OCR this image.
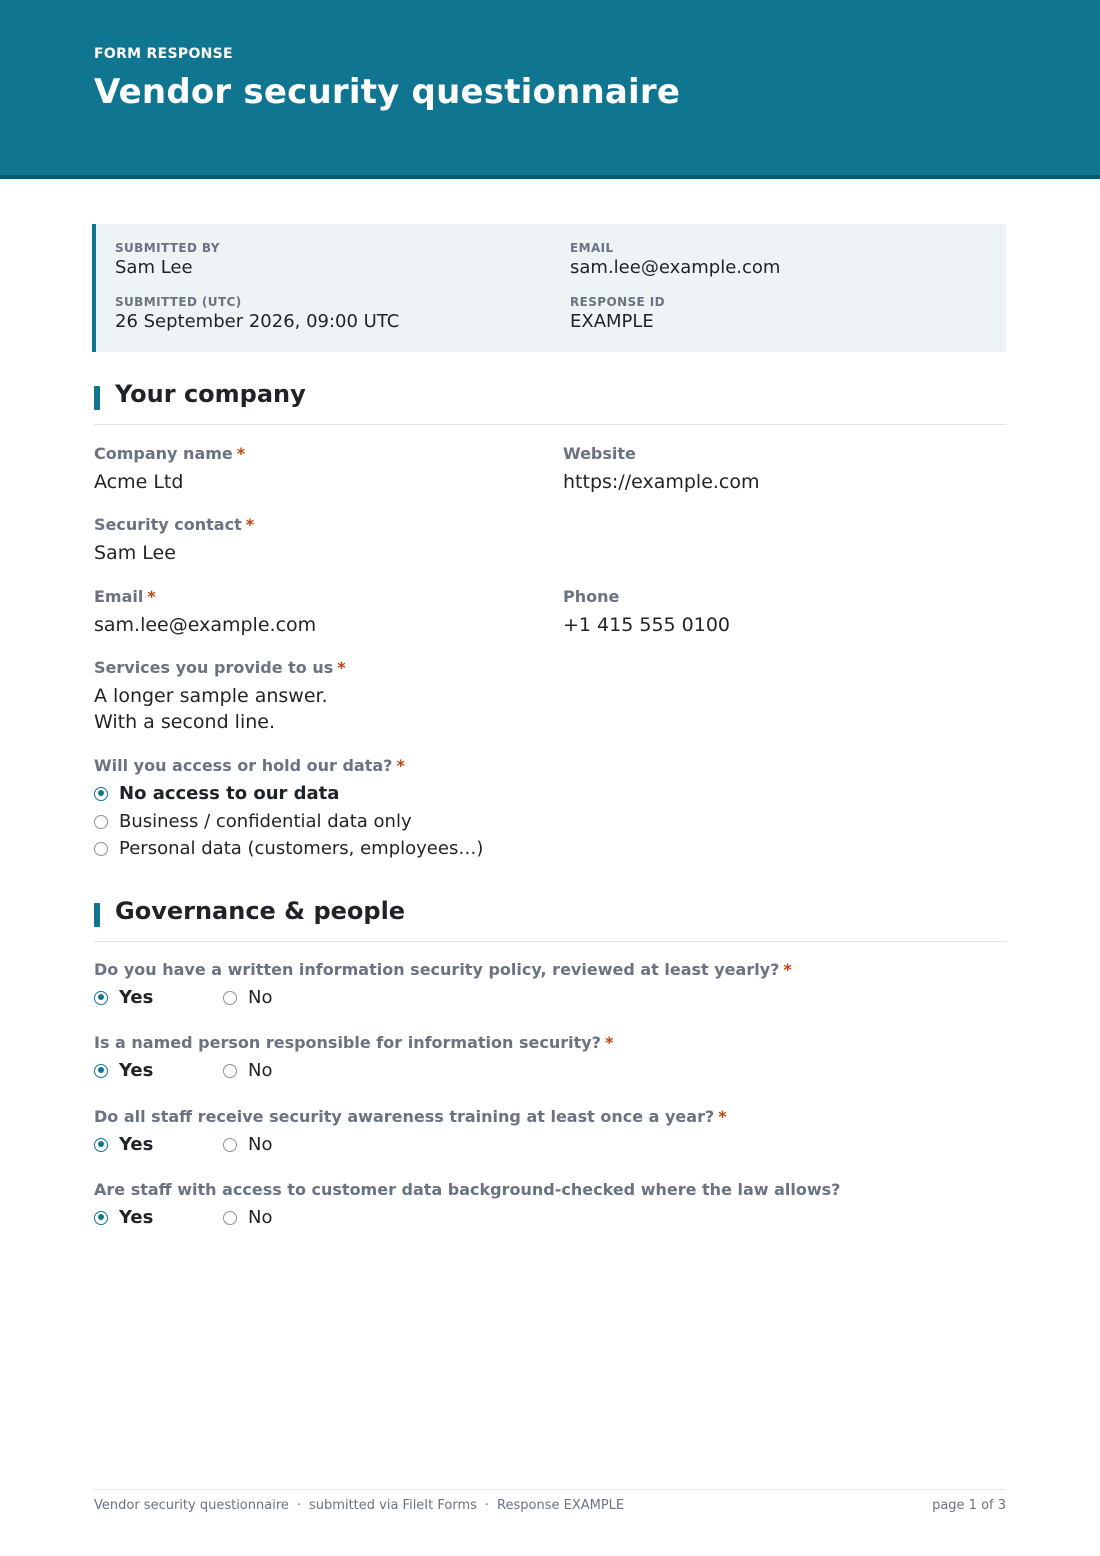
FORM RESPONSE
Vendor security questionnaire
SUBMITTED BY
Sam Lee
EMAIL
sam.lee@example.com
SUBMITTED (UTC)
26 September 2026, 09:00 UTC
RESPONSE ID
EXAMPLE
Your company
Company name *
Acme Ltd
Website
https://example.com
Security contact *
Sam Lee
Email *
sam.lee@example.com
Phone
+1 415 555 0100
Services you provide to us *
A longer sample answer.
With a second line.
Will you access or hold our data? *
No access to our data
Business / confidential data only
Personal data (customers, employees…)
Governance & people
Do you have a written information security policy, reviewed at least yearly? *
Yes	No
Is a named person responsible for information security? *
Yes	No
Do all staff receive security awareness training at least once a year? *
Yes	No
Are staff with access to customer data background-checked where the law allows?
Yes	No
Vendor security questionnaire · submitted via FileIt Forms · Response EXAMPLE	page 1 of 3
